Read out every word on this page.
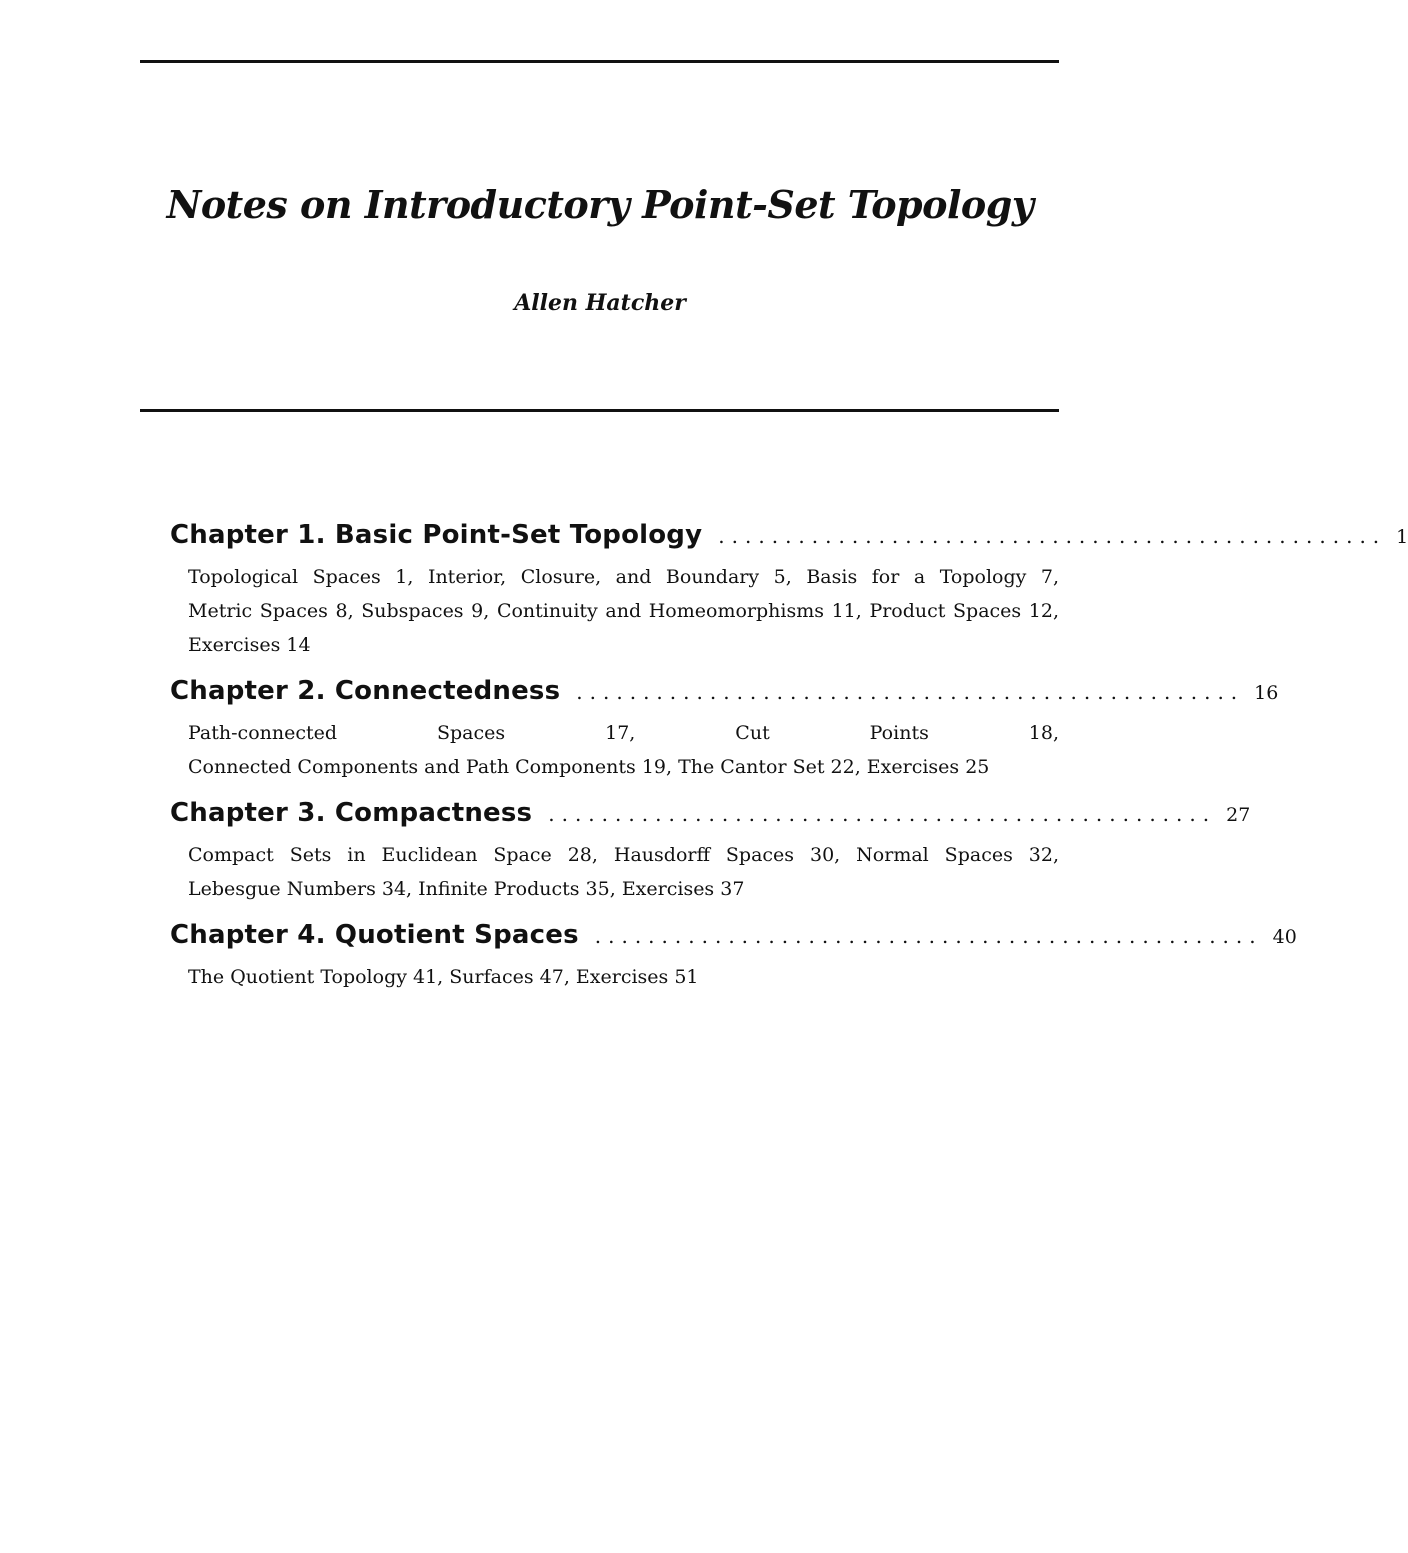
Notes on Introductory Point-Set Topology
Allen Hatcher
Chapter 1. Basic Point-Set Topology .................................................. 1
Topological Spaces 1, Interior, Closure, and Boundary 5, Basis for a Topology 7, Metric Spaces 8, Subspaces 9, Continuity and Homeomorphisms 11, Product Spaces 12, Exercises 14
Chapter 2. Connectedness .................................................. 16
Path-connected Spaces 17,	Cut Points 18, Connected Components and Path Components 19, The Cantor Set 22, Exercises 25
Chapter 3. Compactness .................................................. 27
Compact Sets in Euclidean Space 28, Hausdorff Spaces 30, Normal Spaces 32, Lebesgue Numbers 34, Infinite Products 35, Exercises 37
Chapter 4. Quotient Spaces .................................................. 40
The Quotient Topology 41, Surfaces 47, Exercises 51
